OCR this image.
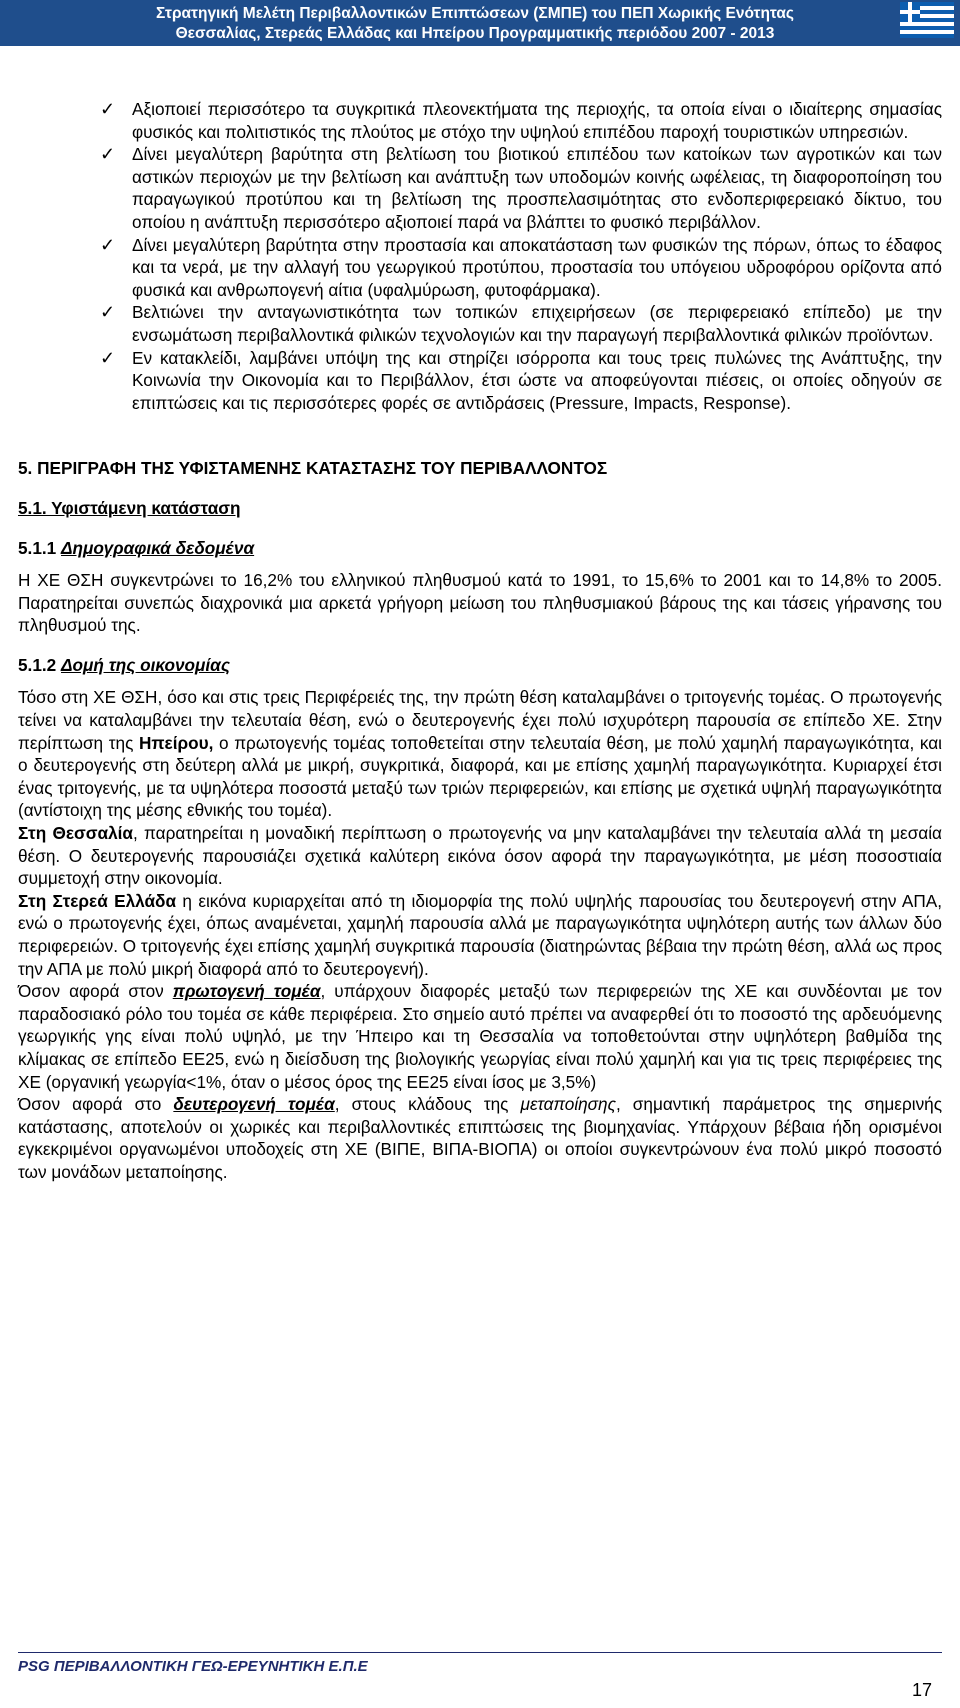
Στρατηγική Μελέτη Περιβαλλοντικών Επιπτώσεων (ΣΜΠΕ) του ΠΕΠ Χωρικής Ενότητας
Θεσσαλίας, Στερεάς Ελλάδας και Ηπείρου Προγραμματικής περιόδου 2007 - 2013
✓ Αξιοποιεί περισσότερο τα συγκριτικά πλεονεκτήματα της περιοχής, τα οποία είναι ο ιδιαίτερης σημασίας φυσικός και πολιτιστικός της πλούτος με στόχο την υψηλού επιπέδου παροχή τουριστικών υπηρεσιών.
✓ Δίνει μεγαλύτερη βαρύτητα στη βελτίωση του βιοτικού επιπέδου των κατοίκων των αγροτικών και των αστικών περιοχών με την βελτίωση και ανάπτυξη των υποδομών κοινής ωφέλειας, τη διαφοροποίηση του παραγωγικού προτύπου και τη βελτίωση της προσπελασιμότητας στο ενδοπεριφερειακό δίκτυο, του οποίου η ανάπτυξη περισσότερο αξιοποιεί παρά να βλάπτει το φυσικό περιβάλλον.
✓ Δίνει μεγαλύτερη βαρύτητα στην προστασία και αποκατάσταση των φυσικών της πόρων, όπως το έδαφος και τα νερά, με την αλλαγή του γεωργικού προτύπου, προστασία του υπόγειου υδροφόρου ορίζοντα από φυσικά και ανθρωπογενή αίτια (υφαλμύρωση, φυτοφάρμακα).
✓ Βελτιώνει την ανταγωνιστικότητα των τοπικών επιχειρήσεων (σε περιφερειακό επίπεδο) με την ενσωμάτωση περιβαλλοντικά φιλικών τεχνολογιών και την παραγωγή περιβαλλοντικά φιλικών προϊόντων.
✓ Εν κατακλείδι, λαμβάνει υπόψη της και στηρίζει ισόρροπα και τους τρεις πυλώνες της Ανάπτυξης, την Κοινωνία την Οικονομία και το Περιβάλλον, έτσι ώστε να αποφεύγονται πιέσεις, οι οποίες οδηγούν σε επιπτώσεις και τις περισσότερες φορές σε αντιδράσεις (Pressure, Impacts, Response).
5. ΠΕΡΙΓΡΑΦΗ ΤΗΣ ΥΦΙΣΤΑΜΕΝΗΣ ΚΑΤΑΣΤΑΣΗΣ ΤΟΥ ΠΕΡΙΒΑΛΛΟΝΤΟΣ
5.1. Υφιστάμενη κατάσταση
5.1.1 Δημογραφικά δεδομένα

Η ΧΕ ΘΣΗ συγκεντρώνει το 16,2% του ελληνικού πληθυσμού κατά το 1991, το 15,6% το 2001 και το 14,8% το 2005. Παρατηρείται συνεπώς διαχρονικά μια αρκετά γρήγορη μείωση του πληθυσμιακού βάρους της και τάσεις γήρανσης του πληθυσμού της.

5.1.2 Δομή της οικονομίας

Τόσο στη ΧΕ ΘΣΗ, όσο και στις τρεις Περιφέρειές της, την πρώτη θέση καταλαμβάνει ο τριτογενής τομέας. Ο πρωτογενής τείνει να καταλαμβάνει την τελευταία θέση, ενώ ο δευτερογενής έχει πολύ ισχυρότερη παρουσία σε επίπεδο ΧΕ. Στην περίπτωση της Ηπείρου, ο πρωτογενής τομέας τοποθετείται στην τελευταία θέση, με πολύ χαμηλή παραγωγικότητα, και ο δευτερογενής στη δεύτερη αλλά με μικρή, συγκριτικά, διαφορά, και με επίσης χαμηλή παραγωγικότητα. Κυριαρχεί έτσι ένας τριτογενής, με τα υψηλότερα ποσοστά μεταξύ των τριών περιφερειών, και επίσης με σχετικά υψηλή παραγωγικότητα (αντίστοιχη της μέσης εθνικής του τομέα).

Στη Θεσσαλία, παρατηρείται η μοναδική περίπτωση ο πρωτογενής να μην καταλαμβάνει την τελευταία αλλά τη μεσαία θέση. Ο δευτερογενής παρουσιάζει σχετικά καλύτερη εικόνα όσον αφορά την παραγωγικότητα, με μέση ποσοστιαία συμμετοχή στην οικονομία.

Στη Στερεά Ελλάδα η εικόνα κυριαρχείται από τη ιδιομορφία της πολύ υψηλής παρουσίας του δευτερογενή στην ΑΠΑ, ενώ ο πρωτογενής έχει, όπως αναμένεται, χαμηλή παρουσία αλλά με παραγωγικότητα υψηλότερη αυτής των άλλων δύο περιφερειών. Ο τριτογενής έχει επίσης χαμηλή συγκριτικά παρουσία (διατηρώντας βέβαια την πρώτη θέση, αλλά ως προς την ΑΠΑ με πολύ μικρή διαφορά από το δευτερογενή).

Όσον αφορά στον πρωτογενή τομέα, υπάρχουν διαφορές μεταξύ των περιφερειών της ΧΕ και συνδέονται με τον παραδοσιακό ρόλο του τομέα σε κάθε περιφέρεια. Στο σημείο αυτό πρέπει να αναφερθεί ότι το ποσοστό της αρδευόμενης γεωργικής γης είναι πολύ υψηλό, με την Ήπειρο και τη Θεσσαλία να τοποθετούνται στην υψηλότερη βαθμίδα της κλίμακας σε επίπεδο ΕΕ25, ενώ η διείσδυση της βιολογικής γεωργίας είναι πολύ χαμηλή και για τις τρεις περιφέρειες της ΧΕ (οργανική γεωργία<1%, όταν ο μέσος όρος της ΕΕ25 είναι ίσος με 3,5%)

Όσον αφορά στο δευτερογενή τομέα, στους κλάδους της μεταποίησης, σημαντική παράμετρος της σημερινής κατάστασης, αποτελούν οι χωρικές και περιβαλλοντικές επιπτώσεις της βιομηχανίας. Υπάρχουν βέβαια ήδη ορισμένοι εγκεκριμένοι οργανωμένοι υποδοχείς στη ΧΕ (ΒΙΠΕ, ΒΙΠΑ-ΒΙΟΠΑ) οι οποίοι συγκεντρώνουν ένα πολύ μικρό ποσοστό των μονάδων μεταποίησης.

PSG ΠΕΡΙΒΑΛΛΟΝΤΙΚΗ ΓΕΩ-ΕΡΕΥΝΗΤΙΚΗ Ε.Π.Ε
17
